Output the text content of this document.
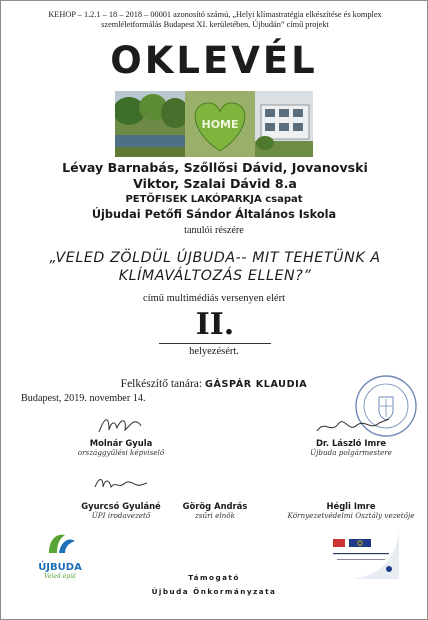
KEHOP – 1.2.1 – 18 – 2018 – 00001 azonosító számú, „Helyi klímastratégia elkészítése és komplex szemléletformálás Budapest XI. kerületében, Újbudán” című projekt
OKLEVÉL
HOME
Lévay Barnabás, Szőllősi Dávid, Jovanovski
Viktor, Szalai Dávid 8.a
PETŐFISEK LAKÓPARKJA csapat
Újbudai Petőfi Sándor Általános Iskola
tanulói részére
„VELED ZÖLDÜL ÚJBUDA-- MIT TEHETÜNK A
KLÍMAVÁLTOZÁS ELLEN?”
című multimédiás versenyen elért
II.
helyezésért.
Felkészítő tanára: GÁSPÁR KLAUDIA
Budapest, 2019. november 14.
Molnár Gyula
országgyűlési képviselő
Dr. László Imre
Újbuda polgármestere
Gyurcsó Gyuláné
ÚPI irodavezető
Görög András
zsűri elnök
Hégli Imre
Környezetvédelmi Osztály vezetője
ÚJBUDA
Veled épül	Támogató
Újbuda Önkormányzata
